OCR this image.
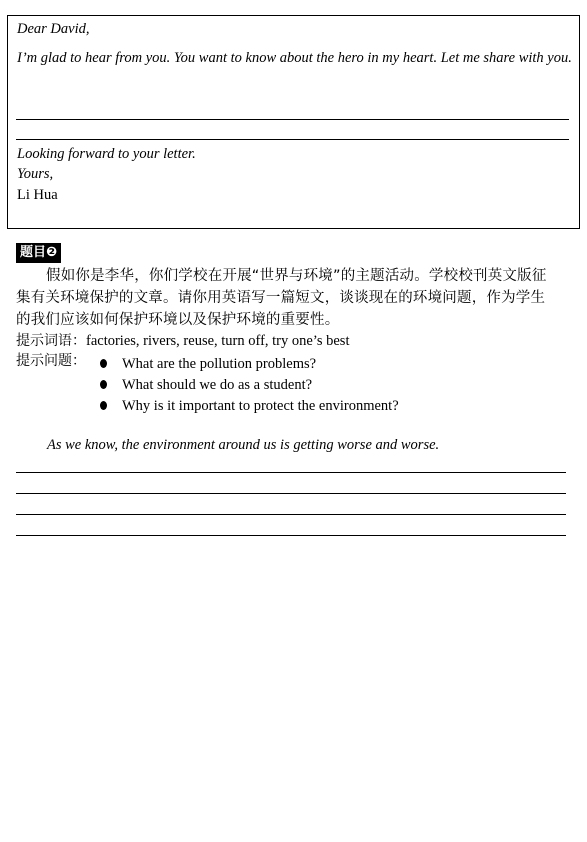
Dear David,
I’m glad to hear from you. You want to know about the hero in my heart. Let me share with you.
Looking forward to your letter.
Yours,
Li Hua
题目❷
假如你是李华，你们学校在开展“世界与环境”的主题活动。学校校刊英文版征集有关环境保护的文章。请你用英语写一篇短文，谈谈现在的环境问题，作为学生的我们应该如何保护环境以及保护环境的重要性。
提示词语：factories, rivers, reuse, turn off, try one’s best
提示问题：	What are the pollution problems?
What should we do as a student?
Why is it important to protect the environment?
As we know, the environment around us is getting worse and worse.
